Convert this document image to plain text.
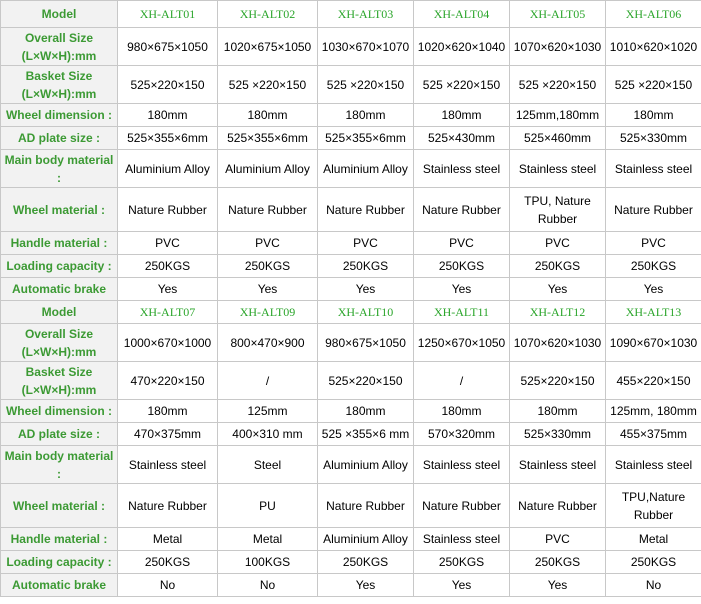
Model	XH-ALT01	XH-ALT02	XH-ALT03	XH-ALT04	XH-ALT05	XH-ALT06
Overall Size (L×W×H):mm	980×675×1050	1020×675×1050	1030×670×1070	1020×620×1040	1070×620×1030	1010×620×1020
Basket Size (L×W×H):mm	525×220×150	525 ×220×150	525 ×220×150	525 ×220×150	525 ×220×150	525 ×220×150
Wheel dimension :	180mm	180mm	180mm	180mm	125mm,180mm	180mm
AD plate size :	525×355×6mm	525×355×6mm	525×355×6mm	525×430mm	525×460mm	525×330mm
Main body material :	Aluminium Alloy	Aluminium Alloy	Aluminium Alloy	Stainless steel	Stainless steel	Stainless steel
Wheel material :	Nature Rubber	Nature Rubber	Nature Rubber	Nature Rubber	TPU, Nature Rubber	Nature Rubber
Handle material :	PVC	PVC	PVC	PVC	PVC	PVC
Loading capacity :	250KGS	250KGS	250KGS	250KGS	250KGS	250KGS
Automatic brake	Yes	Yes	Yes	Yes	Yes	Yes
Model	XH-ALT07	XH-ALT09	XH-ALT10	XH-ALT11	XH-ALT12	XH-ALT13
Overall Size (L×W×H):mm	1000×670×1000	800×470×900	980×675×1050	1250×670×1050	1070×620×1030	1090×670×1030
Basket Size (L×W×H):mm	470×220×150	/	525×220×150	/	525×220×150	455×220×150
Wheel dimension :	180mm	125mm	180mm	180mm	180mm	125mm, 180mm
AD plate size :	470×375mm	400×310 mm	525 ×355×6 mm	570×320mm	525×330mm	455×375mm
Main body material :	Stainless steel	Steel	Aluminium Alloy	Stainless steel	Stainless steel	Stainless steel
Wheel material :	Nature Rubber	PU	Nature Rubber	Nature Rubber	Nature Rubber	TPU,Nature Rubber
Handle material :	Metal	Metal	Aluminium Alloy	Stainless steel	PVC	Metal
Loading capacity :	250KGS	100KGS	250KGS	250KGS	250KGS	250KGS
Automatic brake	No	No	Yes	Yes	Yes	No
